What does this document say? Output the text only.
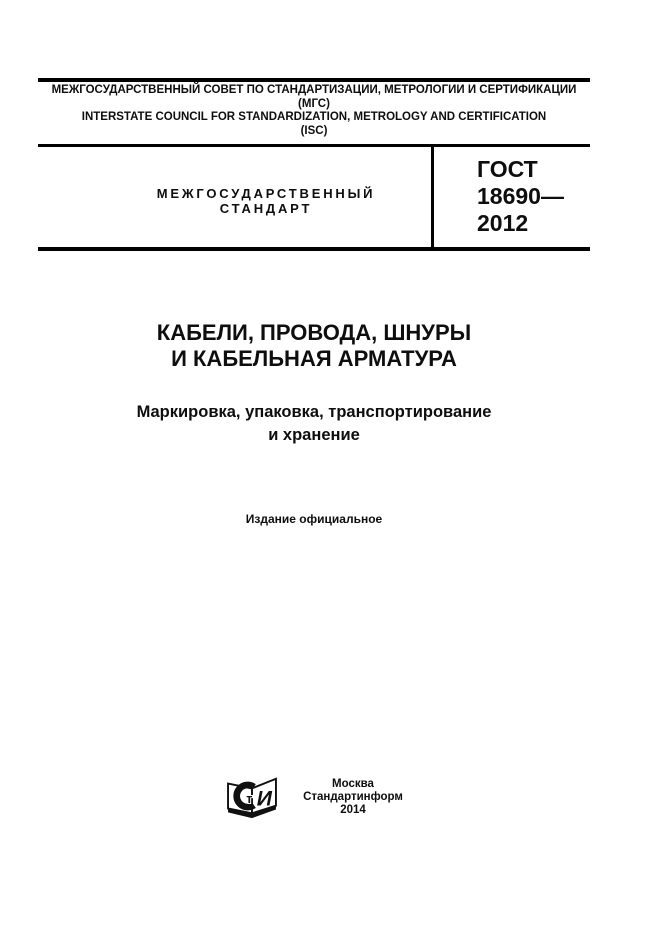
МЕЖГОСУДАРСТВЕННЫЙ СОВЕТ ПО СТАНДАРТИЗАЦИИ, МЕТРОЛОГИИ И СЕРТИФИКАЦИИ
(МГС)
INTERSTATE COUNCIL FOR STANDARDIZATION, METROLOGY AND CERTIFICATION
(ISC)
МЕЖГОСУДАРСТВЕННЫЙ
СТАНДАРТ
ГОСТ
18690—
2012
КАБЕЛИ, ПРОВОДА, ШНУРЫ
И КАБЕЛЬНАЯ АРМАТУРА
Маркировка, упаковка, транспортирование
и хранение
Издание официальное
т И
Москва
Стандартинформ
2014
